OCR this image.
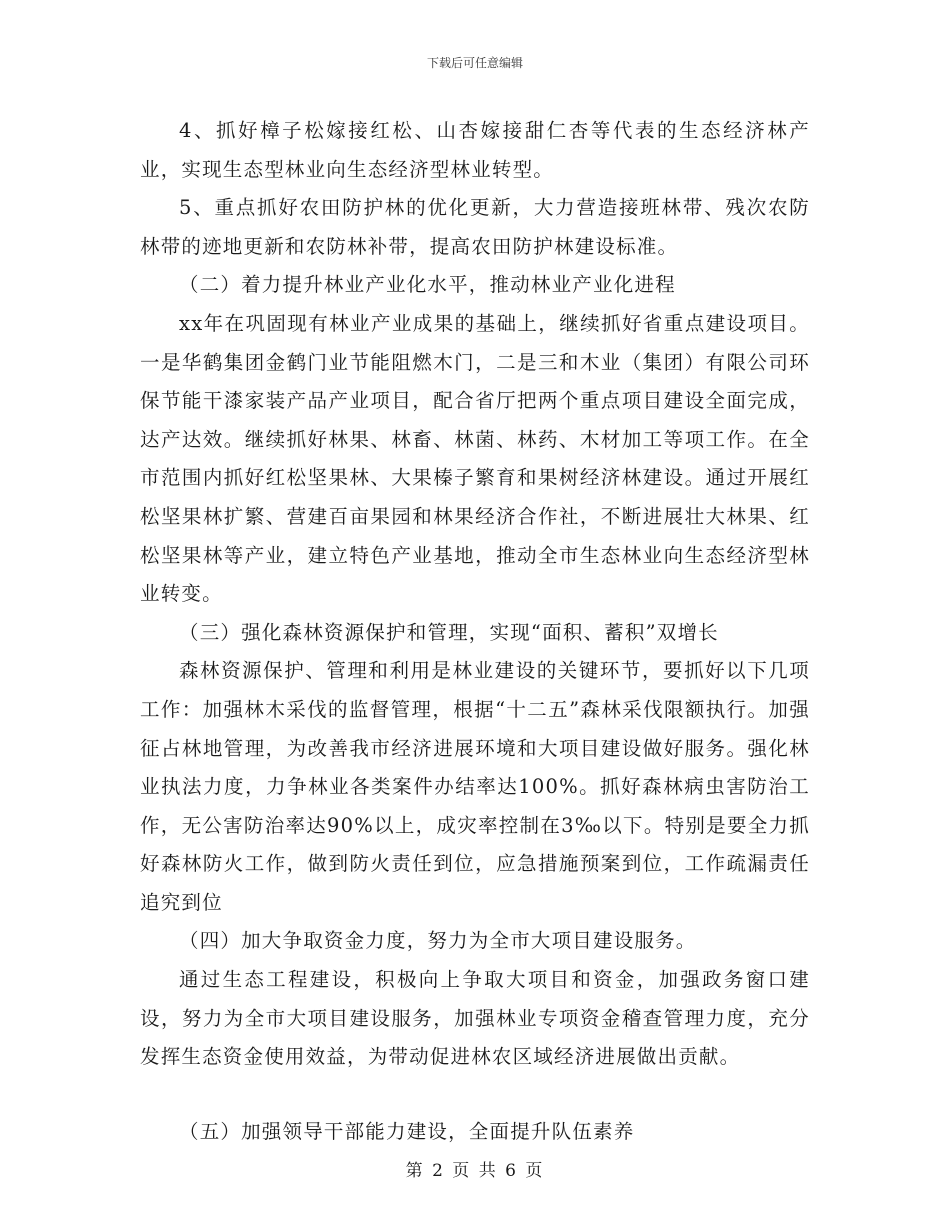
下载后可任意编辑

4、抓好樟子松嫁接红松、山杏嫁接甜仁杏等代表的生态经济林产业，实现生态型林业向生态经济型林业转型。

5、重点抓好农田防护林的优化更新，大力营造接班林带、残次农防林带的迹地更新和农防林补带，提高农田防护林建设标准。

（二）着力提升林业产业化水平，推动林业产业化进程

xx年在巩固现有林业产业成果的基础上，继续抓好省重点建设项目。一是华鹤集团金鹤门业节能阻燃木门，二是三和木业（集团）有限公司环保节能干漆家装产品产业项目，配合省厅把两个重点项目建设全面完成，达产达效。继续抓好林果、林畜、林菌、林药、木材加工等项工作。在全市范围内抓好红松坚果林、大果榛子繁育和果树经济林建设。通过开展红松坚果林扩繁、营建百亩果园和林果经济合作社，不断进展壮大林果、红松坚果林等产业，建立特色产业基地，推动全市生态林业向生态经济型林业转变。

（三）强化森林资源保护和管理，实现“面积、蓄积”双增长

森林资源保护、管理和利用是林业建设的关键环节，要抓好以下几项工作：加强林木采伐的监督管理，根据“十二五”森林采伐限额执行。加强征占林地管理，为改善我市经济进展环境和大项目建设做好服务。强化林业执法力度，力争林业各类案件办结率达100%。抓好森林病虫害防治工作，无公害防治率达90%以上，成灾率控制在3‰以下。特别是要全力抓好森林防火工作，做到防火责任到位，应急措施预案到位，工作疏漏责任追究到位

（四）加大争取资金力度，努力为全市大项目建设服务。

通过生态工程建设，积极向上争取大项目和资金，加强政务窗口建设，努力为全市大项目建设服务，加强林业专项资金稽查管理力度，充分发挥生态资金使用效益，为带动促进林农区域经济进展做出贡献。

（五）加强领导干部能力建设，全面提升队伍素养

第 2 页 共 6 页
